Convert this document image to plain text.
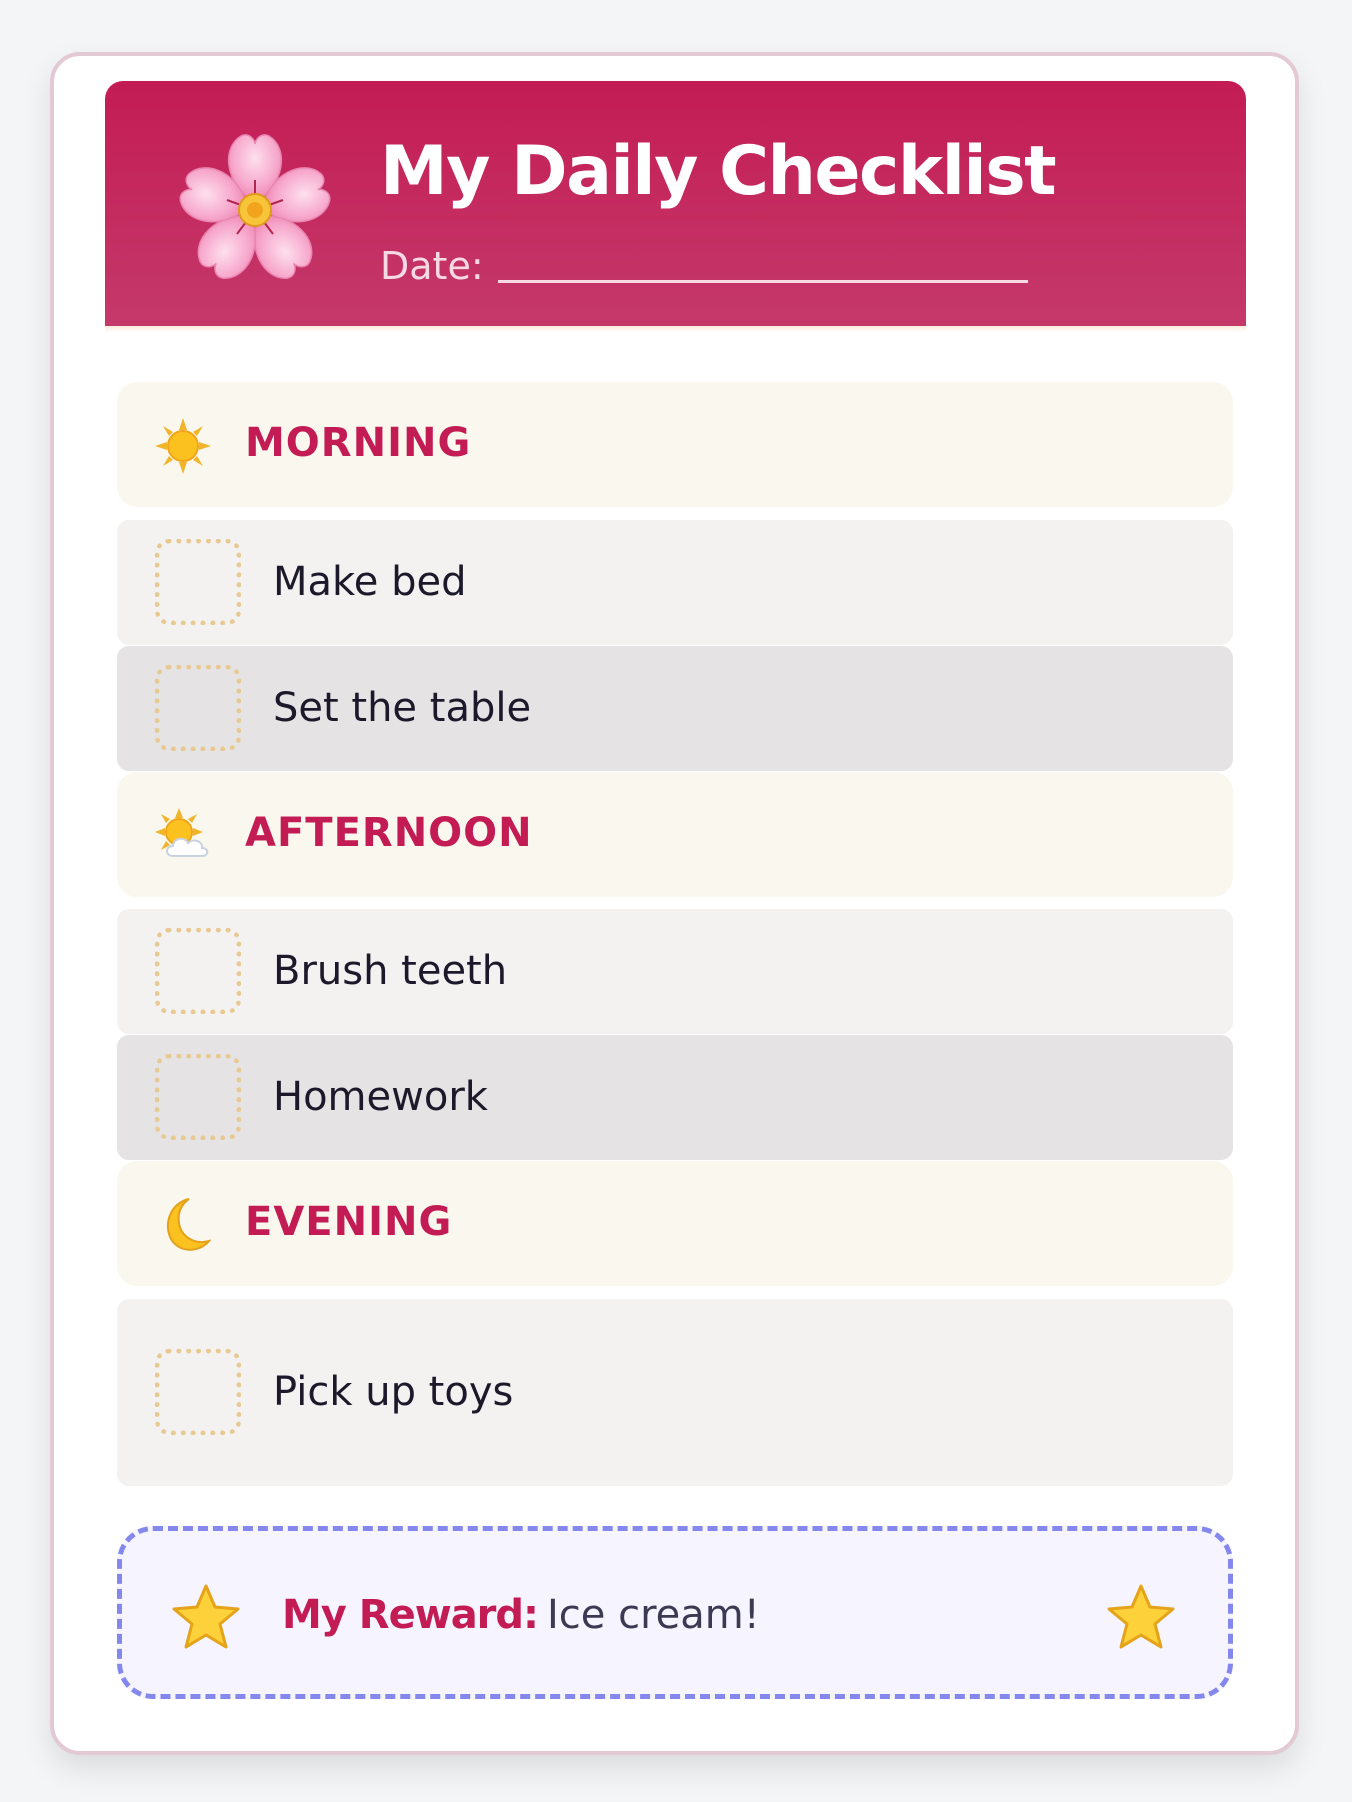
My Daily Checklist
Date:
MORNING
Make bed
Set the table
AFTERNOON
Brush teeth
Homework
EVENING
Pick up toys
My Reward: Ice cream!
